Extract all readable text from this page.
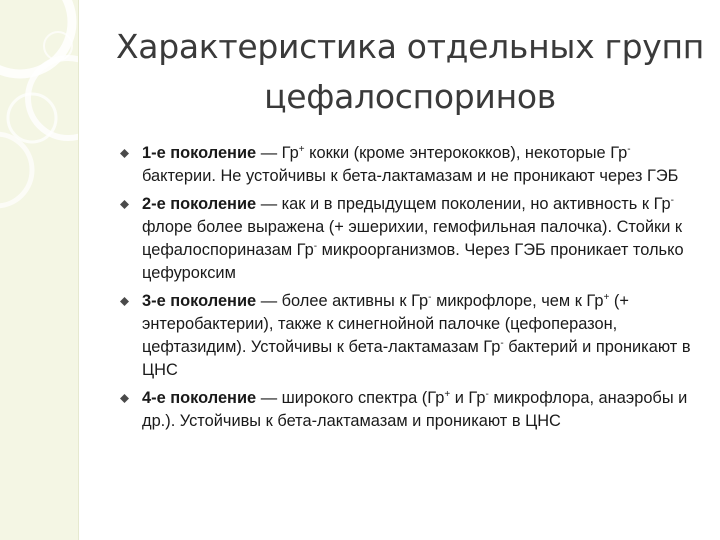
Характеристика отдельных групп
цефалоспоринов
1-е поколение — Гр+ кокки (кроме энтерококков), некоторые Гр- бактерии. Не устойчивы к бета-лактамазам и не проникают через ГЭБ
2-е поколение — как и в предыдущем поколении, но активность к Гр- флоре более выражена (+ эшерихии, гемофильная палочка). Стойки к цефалоспориназам Гр- микроорганизмов. Через ГЭБ проникает только цефуроксим
3-е поколение — более активны к Гр- микрофлоре, чем к Гр+ (+ энтеробактерии), также к синегнойной палочке (цефоперазон, цефтазидим). Устойчивы к бета-лактамазам Гр- бактерий и проникают в ЦНС
4-е поколение — широкого спектра (Гр+ и Гр- микрофлора, анаэробы и др.). Устойчивы к бета-лактамазам и проникают в ЦНС
